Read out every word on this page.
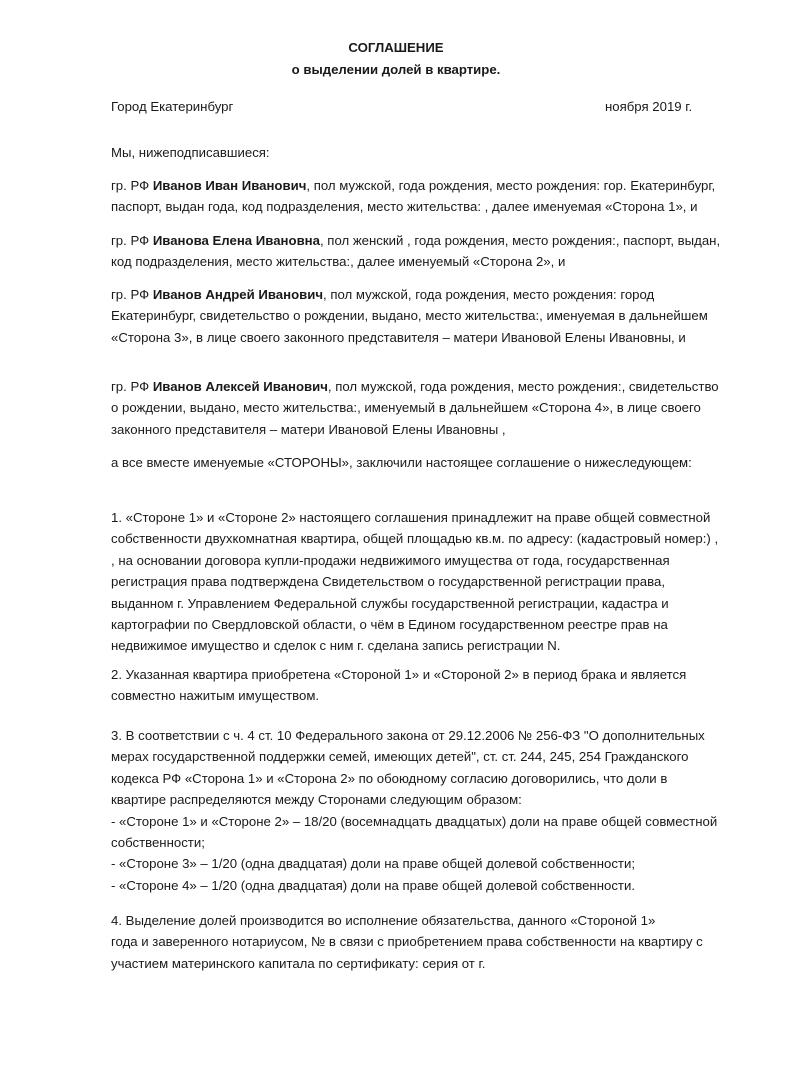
СОГЛАШЕНИЕ
о выделении долей в квартире.
Город Екатеринбург	ноября 2019 г.
Мы, нижеподписавшиеся:
гр. РФ Иванов Иван Иванович, пол мужской, года рождения, место рождения: гор. Екатеринбург,
паспорт, выдан года, код подразделения, место жительства: , далее именуемая «Сторона 1», и
гр. РФ Иванова Елена Ивановна, пол женский , года рождения, место рождения:, паспорт, выдан,
код подразделения, место жительства:, далее именуемый «Сторона 2», и
гр. РФ Иванов Андрей Иванович, пол мужской, года рождения, место рождения: город
Екатеринбург, свидетельство о рождении, выдано, место жительства:, именуемая в дальнейшем
«Сторона 3», в лице своего законного представителя – матери Ивановой Елены Ивановны, и
гр. РФ Иванов Алексей Иванович, пол мужской, года рождения, место рождения:, свидетельство
о рождении, выдано, место жительства:, именуемый в дальнейшем «Сторона 4», в лице своего
законного представителя – матери Ивановой Елены Ивановны ,
а все вместе именуемые «СТОРОНЫ», заключили настоящее соглашение о нижеследующем:
1. «Стороне 1» и «Стороне 2» настоящего соглашения принадлежит на праве общей совместной
собственности двухкомнатная квартира, общей площадью кв.м. по адресу: (кадастровый номер:) ,
, на основании договора купли-продажи недвижимого имущества от года, государственная
регистрация права подтверждена Свидетельством о государственной регистрации права,
выданном г. Управлением Федеральной службы государственной регистрации, кадастра и
картографии по Свердловской области, о чём в Едином государственном реестре прав на
недвижимое имущество и сделок с ним г. сделана запись регистрации N.
2. Указанная квартира приобретена «Стороной 1» и «Стороной 2» в период брака и является
совместно нажитым имуществом.
3. В соответствии с ч. 4 ст. 10 Федерального закона от 29.12.2006 № 256-ФЗ "О дополнительных
мерах государственной поддержки семей, имеющих детей", ст. ст. 244, 245, 254 Гражданского
кодекса РФ «Сторона 1» и «Сторона 2» по обоюдному согласию договорились, что доли в
квартире распределяются между Сторонами следующим образом:
- «Стороне 1» и «Стороне 2» – 18/20 (восемнадцать двадцатых) доли на праве общей совместной
собственности;
- «Стороне 3» – 1/20 (одна двадцатая) доли на праве общей долевой собственности;
- «Стороне 4» – 1/20 (одна двадцатая) доли на праве общей долевой собственности.
4. Выделение долей производится во исполнение обязательства, данного «Стороной 1»
года и заверенного нотариусом, № в связи с приобретением права собственности на квартиру с
участием материнского капитала по сертификату: серия от г.
